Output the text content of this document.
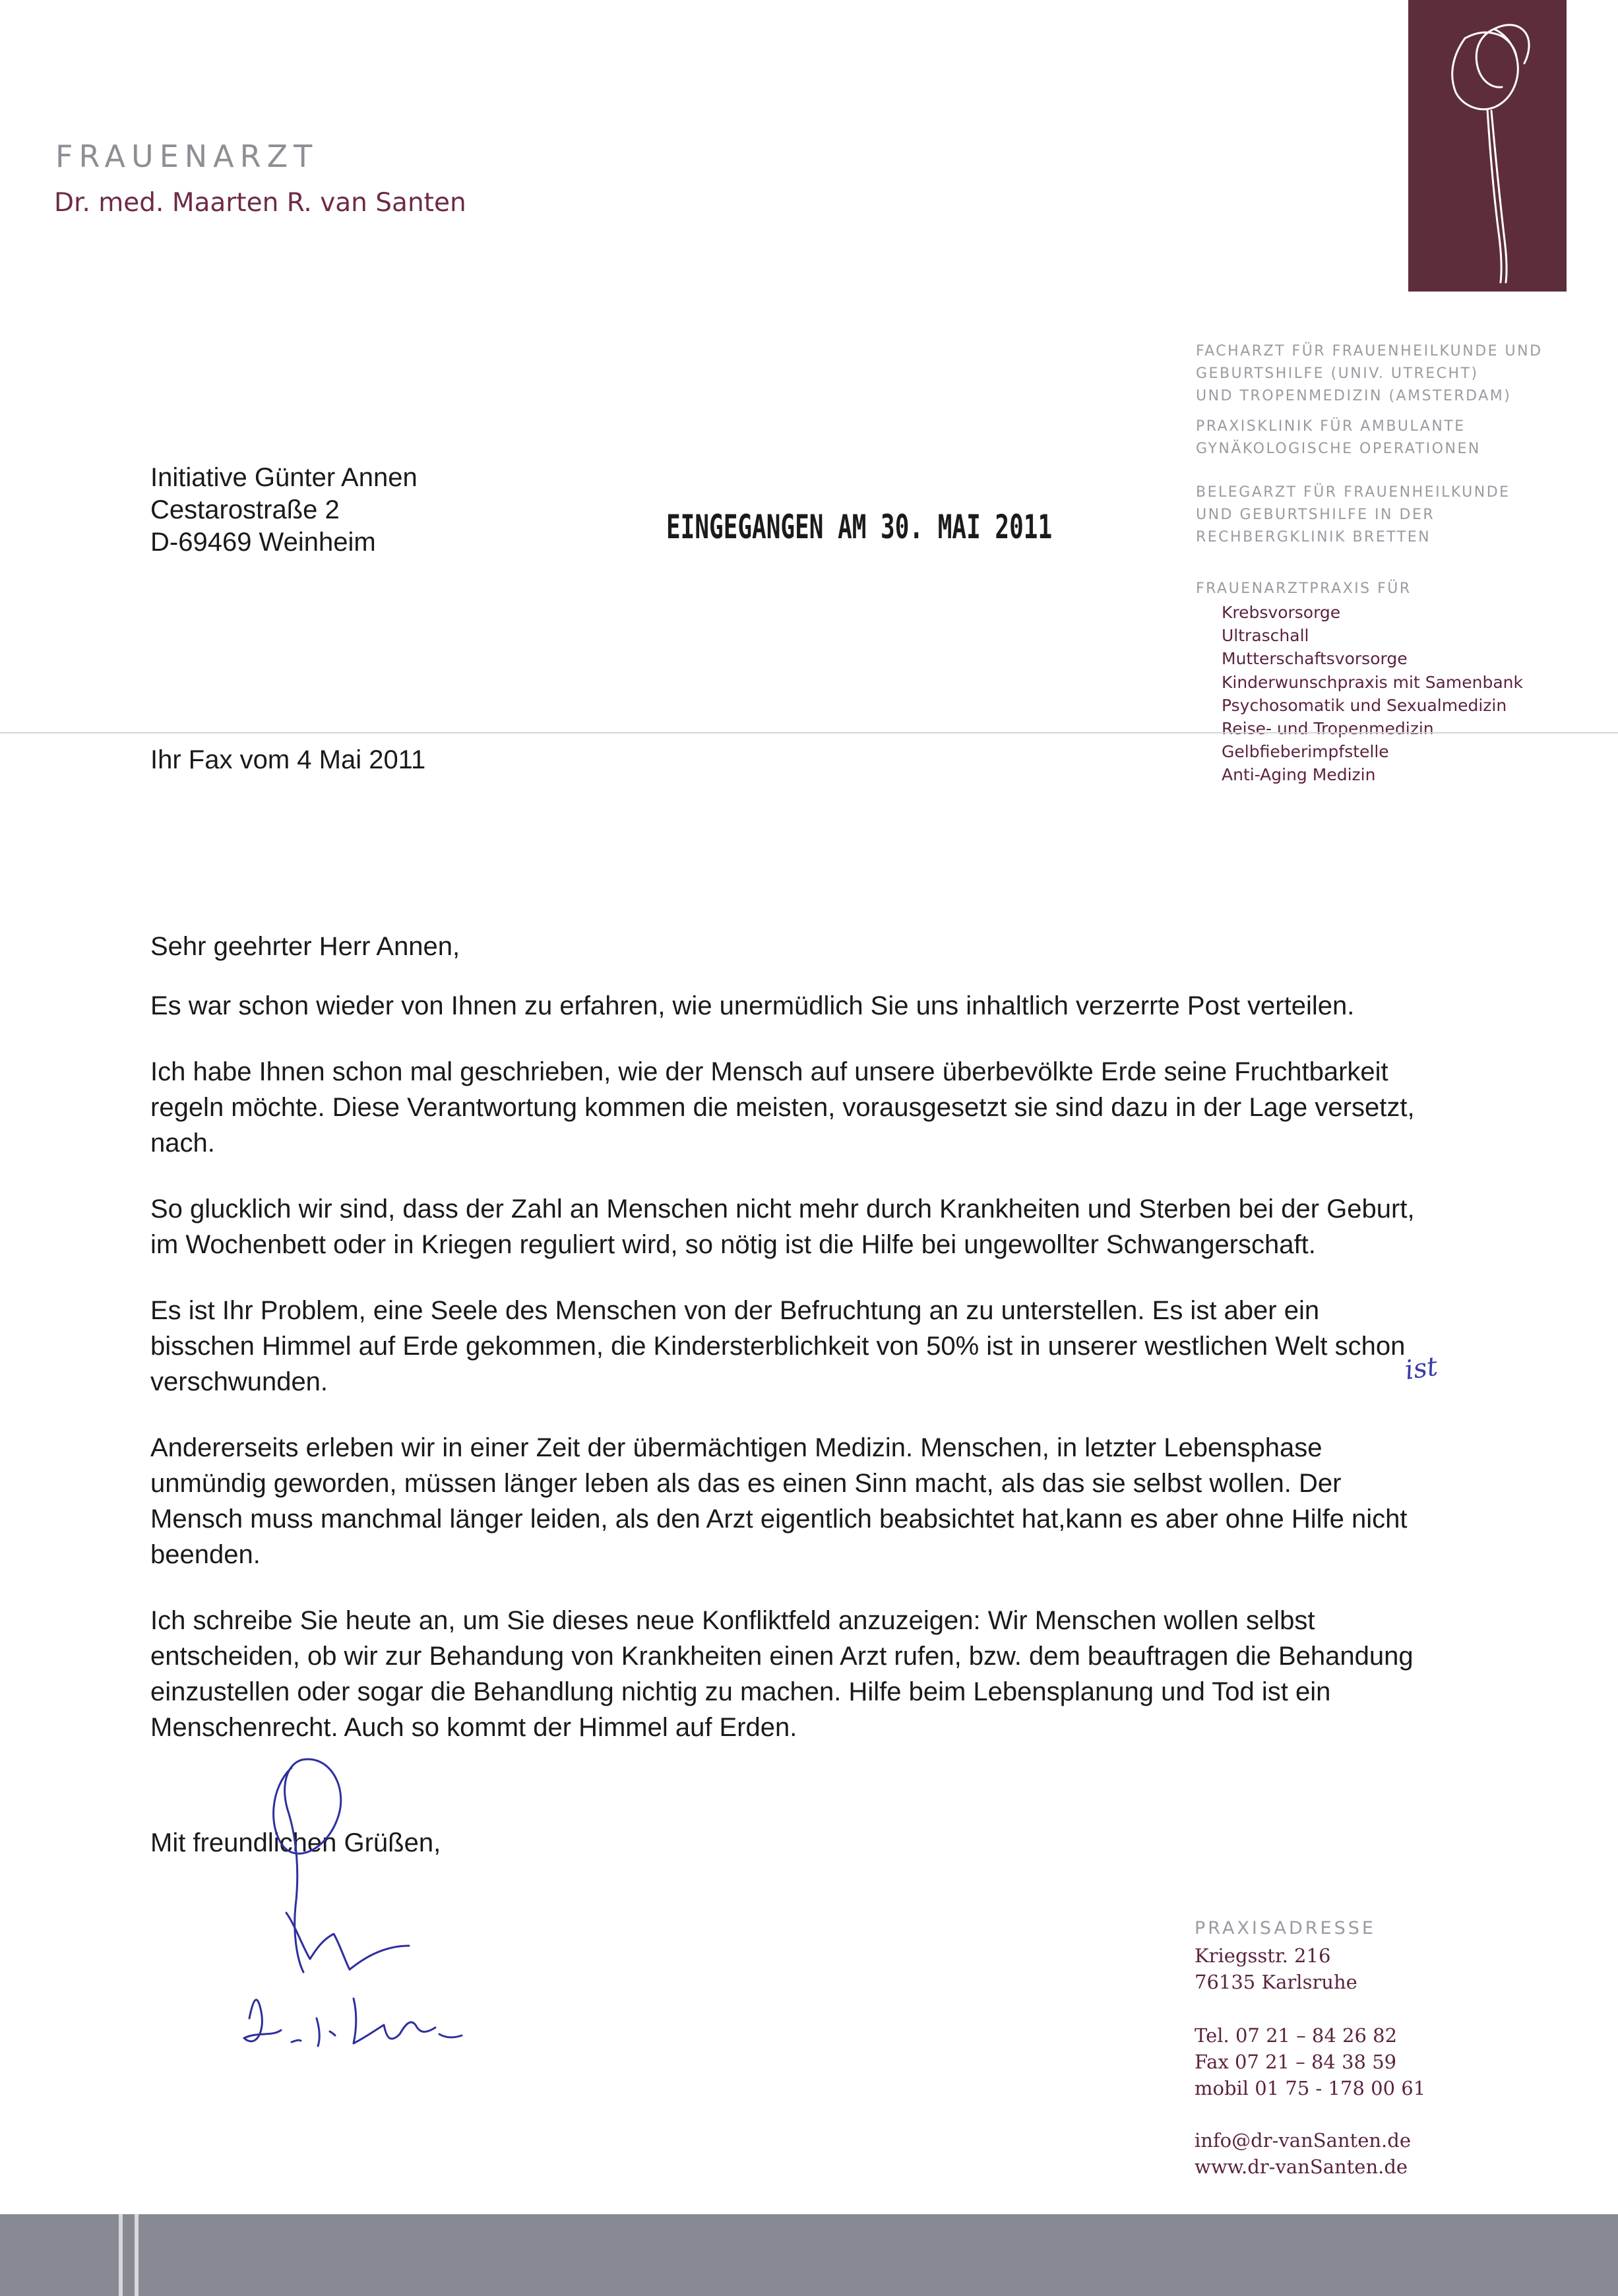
FRAUENARZT
Dr. med. Maarten R. van Santen
FACHARZT FÜR FRAUENHEILKUNDE UND
GEBURTSHILFE (UNIV. UTRECHT)
UND TROPENMEDIZIN (AMSTERDAM)
PRAXISKLINIK FÜR AMBULANTE
GYNÄKOLOGISCHE OPERATIONEN
BELEGARZT FÜR FRAUENHEILKUNDE
UND GEBURTSHILFE IN DER
RECHBERGKLINIK BRETTEN
FRAUENARZTPRAXIS FÜR
Krebsvorsorge
Ultraschall
Mutterschaftsvorsorge
Kinderwunschpraxis mit Samenbank
Psychosomatik und Sexualmedizin
Reise- und Tropenmedizin
Gelbfieberimpfstelle
Anti-Aging Medizin
Initiative Günter Annen
Cestarostraße 2
D-69469 Weinheim	EINGEGANGEN AM 30. MAI 2011
Ihr Fax vom 4 Mai 2011

Sehr geehrter Herr Annen,

Es war schon wieder von Ihnen zu erfahren, wie unermüdlich Sie uns inhaltlich verzerrte Post verteilen.

Ich habe Ihnen schon mal geschrieben, wie der Mensch auf unsere überbevölkte Erde seine Fruchtbarkeit regeln möchte. Diese Verantwortung kommen die meisten, vorausgesetzt sie sind dazu in der Lage versetzt, nach.

So glucklich wir sind, dass der Zahl an Menschen nicht mehr durch Krankheiten und Sterben bei der Geburt, im Wochenbett oder in Kriegen reguliert wird, so nötig ist die Hilfe bei ungewollter Schwangerschaft.

Es ist Ihr Problem, eine Seele des Menschen von der Befruchtung an zu unterstellen. Es ist aber ein bisschen Himmel auf Erde gekommen, die Kindersterblichkeit von 50% ist in unserer westlichen Welt schon verschwunden.

Andererseits erleben wir in einer Zeit der übermächtigen Medizin. Menschen, in letzter Lebensphase unmündig geworden, müssen länger leben als das es einen Sinn macht, als das sie selbst wollen. Der Mensch muss manchmal länger leiden, als den Arzt eigentlich beabsichtet hat,kann es aber ohne Hilfe nicht beenden.

Ich schreibe Sie heute an, um Sie dieses neue Konfliktfeld anzuzeigen: Wir Menschen wollen selbst entscheiden, ob wir zur Behandung von Krankheiten einen Arzt rufen, bzw. dem beauftragen die Behandung einzustellen oder sogar die Behandlung nichtig zu machen. Hilfe beim Lebensplanung und Tod ist ein Menschenrecht. Auch so kommt der Himmel auf Erden.

ist
Mit freundlichen Grüßen,
PRAXISADRESSE
Kriegsstr. 216
76135 Karlsruhe
Tel. 07 21 – 84 26 82
Fax 07 21 – 84 38 59
mobil 01 75 - 178 00 61
info@dr-vanSanten.de
www.dr-vanSanten.de
